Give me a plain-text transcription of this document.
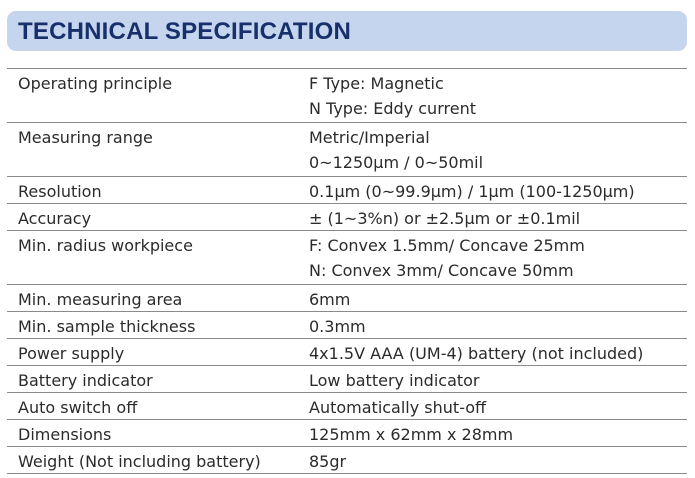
TECHNICAL SPECIFICATION
Operating principle	F Type: Magnetic
N Type: Eddy current
Measuring range	Metric/Imperial
0~1250µm / 0~50mil
Resolution	0.1µm (0~99.9µm) / 1µm (100-1250µm)
Accuracy	± (1~3%n) or ±2.5µm or ±0.1mil
Min. radius workpiece	F: Convex 1.5mm/ Concave 25mm
N: Convex 3mm/ Concave 50mm
Min. measuring area	6mm
Min. sample thickness	0.3mm
Power supply	4x1.5V AAA (UM-4) battery (not included)
Battery indicator	Low battery indicator
Auto switch off	Automatically shut-off
Dimensions	125mm x 62mm x 28mm
Weight (Not including battery)	85gr
